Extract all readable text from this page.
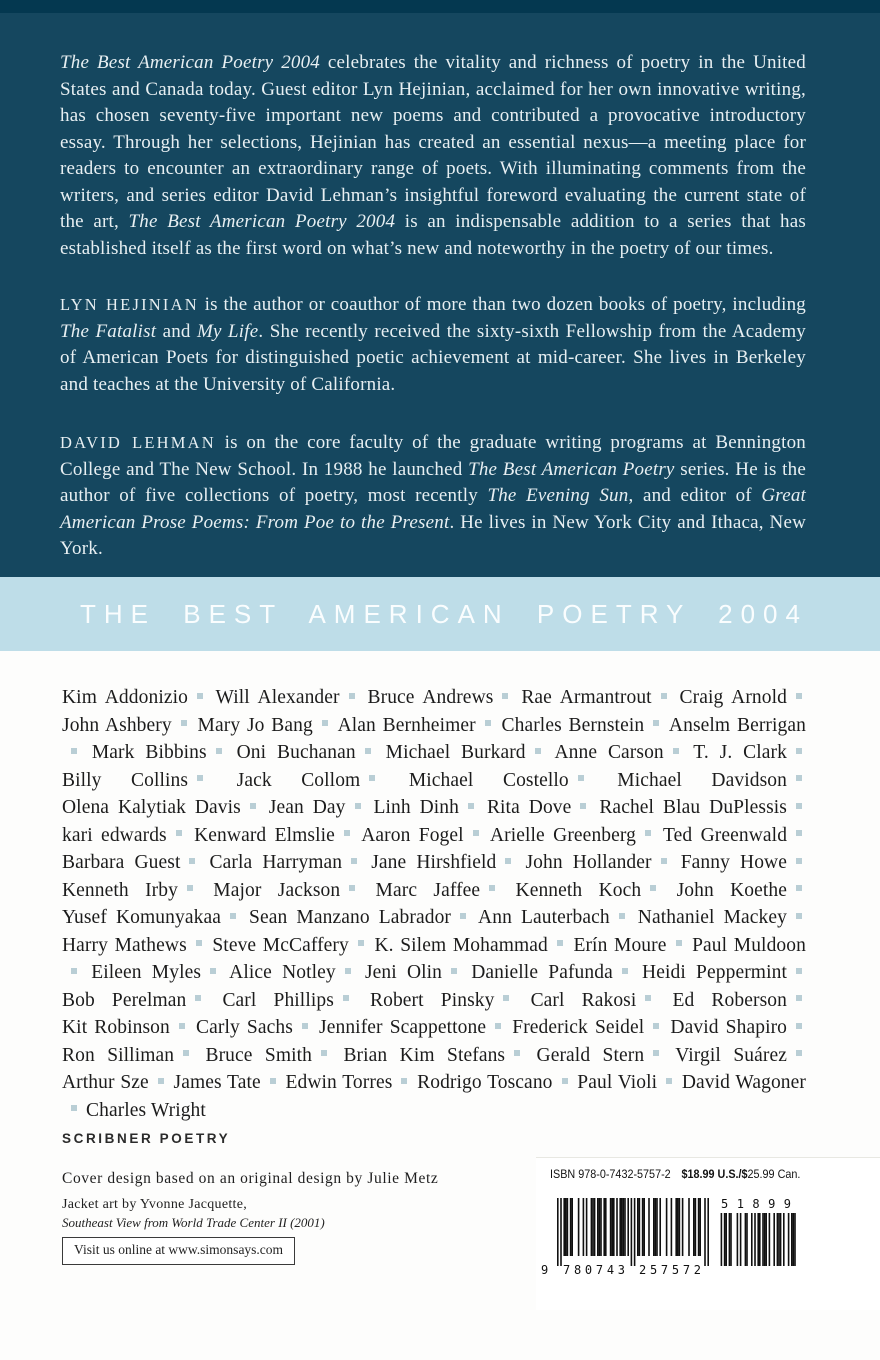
The Best American Poetry 2004 celebrates the vitality and richness of poetry in the United States and Canada today. Guest editor Lyn Hejinian, acclaimed for her own innovative writing, has chosen seventy-five important new poems and contributed a provocative introductory essay. Through her selections, Hejinian has created an essential nexus—a meeting place for readers to encounter an extraordinary range of poets. With illuminating comments from the writers, and series editor David Lehman’s insightful foreword evaluating the current state of the art, The Best American Poetry 2004 is an indispensable addition to a series that has established itself as the first word on what’s new and noteworthy in the poetry of our times.

LYN HEJINIAN is the author or coauthor of more than two dozen books of poetry, including The Fatalist and My Life. She recently received the sixty-sixth Fellowship from the Academy of American Poets for distinguished poetic achievement at mid-career. She lives in Berkeley and teaches at the University of California.

DAVID LEHMAN is on the core faculty of the graduate writing programs at Bennington College and The New School. In 1988 he launched The Best American Poetry series. He is the author of five collections of poetry, most recently The Evening Sun, and editor of Great American Prose Poems: From Poe to the Present. He lives in New York City and Ithaca, New York.

THE BEST AMERICAN POETRY 2004
Kim Addonizio Will Alexander Bruce Andrews Rae Armantrout Craig Arnold John Ashbery Mary Jo Bang Alan Bernheimer Charles Bernstein Anselm Berrigan Mark Bibbins Oni Buchanan Michael Burkard Anne Carson T. J. Clark Billy Collins Jack Collom Michael Costello Michael Davidson Olena Kalytiak Davis Jean Day Linh Dinh Rita Dove Rachel Blau DuPlessis kari edwards Kenward Elmslie Aaron Fogel Arielle Greenberg Ted Greenwald Barbara Guest Carla Harryman Jane Hirshfield John Hollander Fanny Howe Kenneth Irby Major Jackson Marc Jaffee Kenneth Koch John Koethe Yusef Komunyakaa Sean Manzano Labrador Ann Lauterbach Nathaniel Mackey Harry Mathews Steve McCaffery K. Silem Mohammad Erín Moure Paul Muldoon Eileen Myles Alice Notley Jeni Olin Danielle Pafunda Heidi Peppermint Bob Perelman Carl Phillips Robert Pinsky Carl Rakosi Ed Roberson Kit Robinson Carly Sachs Jennifer Scappettone Frederick Seidel David Shapiro Ron Silliman Bruce Smith Brian Kim Stefans Gerald Stern Virgil Suárez Arthur Sze James Tate Edwin Torres Rodrigo Toscano Paul Violi David Wagoner Charles Wright
SCRIBNER POETRY

Cover design based on an original design by Julie Metz

Jacket art by Yvonne Jacquette,

Southeast View from World Trade Center II (2001)

Visit us online at www.simonsays.com
ISBN 978-0-7432-5757-2 $18.99 U.S./$25.99 Can.
9 780743 257572
51899
